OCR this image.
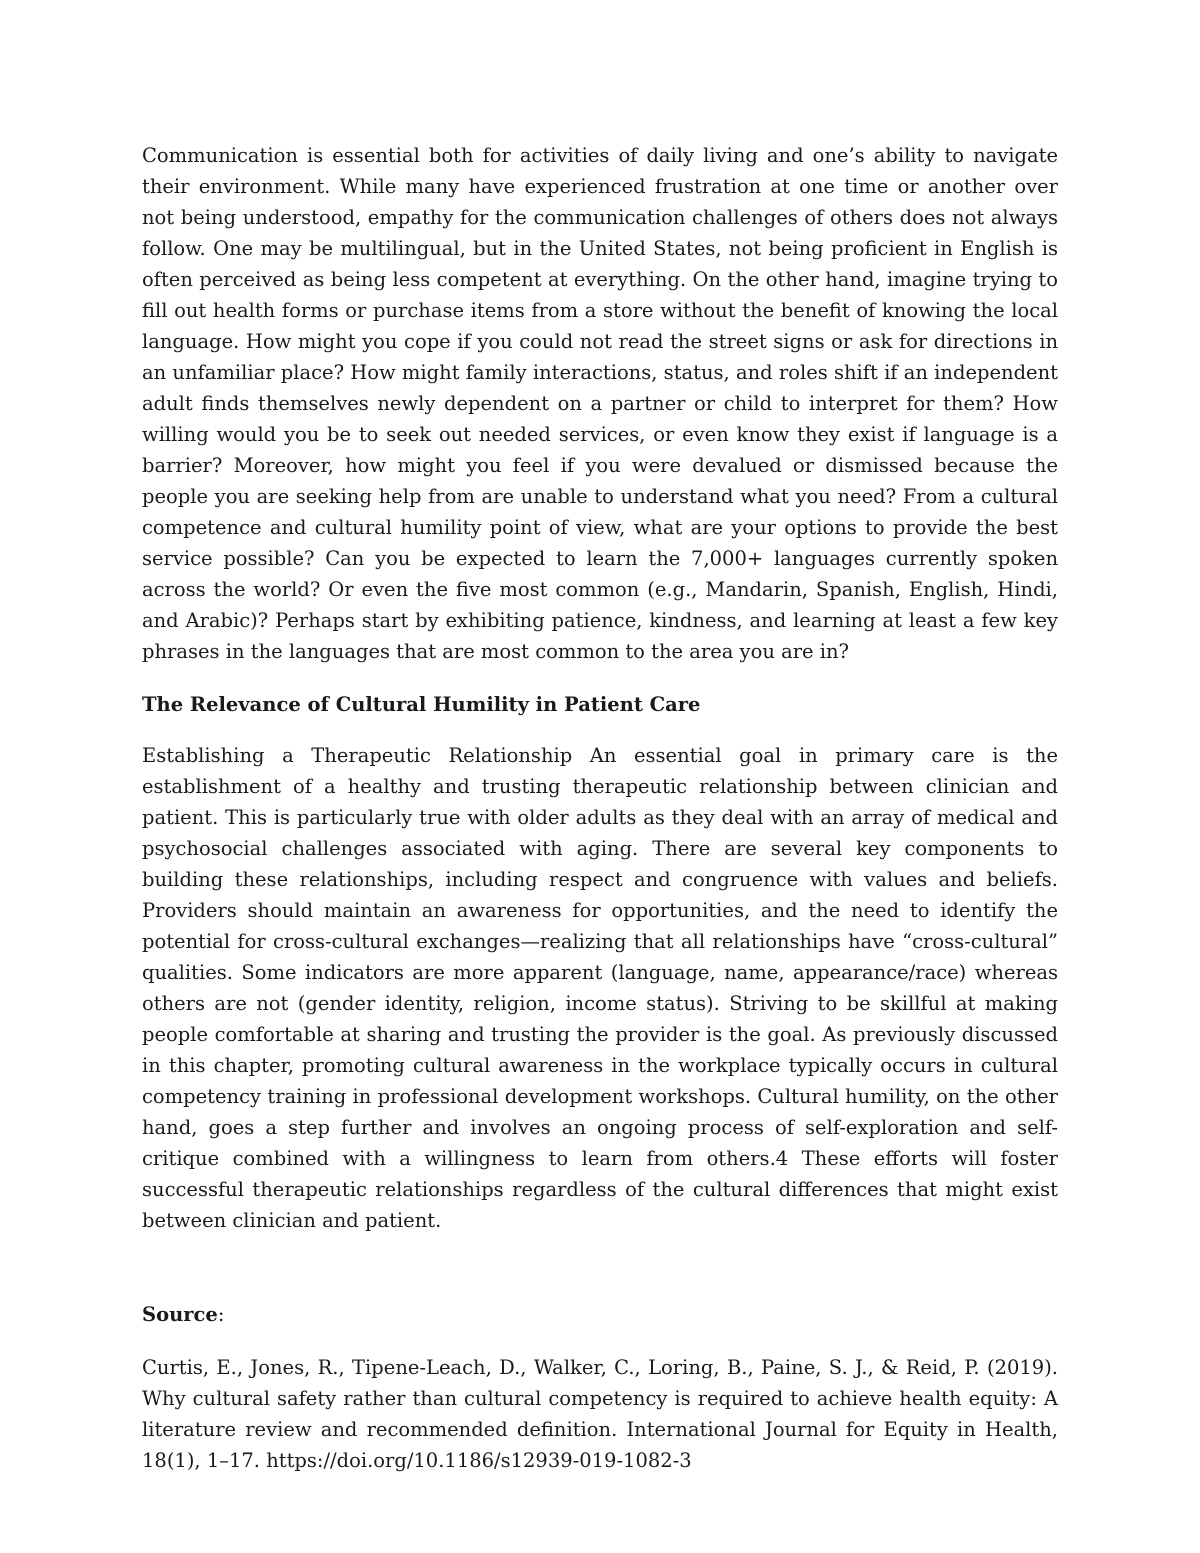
Communication is essential both for activities of daily living and one’s ability to navigate their environment. While many have experienced frustration at one time or another over not being understood, empathy for the communication challenges of others does not always follow. One may be multilingual, but in the United States, not being proficient in English is often perceived as being less competent at everything. On the other hand, imagine trying to fill out health forms or purchase items from a store without the benefit of knowing the local language. How might you cope if you could not read the street signs or ask for directions in an unfamiliar place? How might family interactions, status, and roles shift if an independent adult finds themselves newly dependent on a partner or child to interpret for them? How willing would you be to seek out needed services, or even know they exist if language is a barrier? Moreover, how might you feel if you were devalued or dismissed because the people you are seeking help from are unable to understand what you need? From a cultural competence and cultural humility point of view, what are your options to provide the best service possible? Can you be expected to learn the 7,000+ languages currently spoken across the world? Or even the five most common (e.g., Mandarin, Spanish, English, Hindi, and Arabic)? Perhaps start by exhibiting patience, kindness, and learning at least a few key phrases in the languages that are most common to the area you are in?

The Relevance of Cultural Humility in Patient Care

Establishing a Therapeutic Relationship An essential goal in primary care is the establishment of a healthy and trusting therapeutic relationship between clinician and patient. This is particularly true with older adults as they deal with an array of medical and psychosocial challenges associated with aging. There are several key components to building these relationships, including respect and congruence with values and beliefs. Providers should maintain an awareness for opportunities, and the need to identify the potential for cross-cultural exchanges—realizing that all relationships have “cross-cultural” qualities. Some indicators are more apparent (language, name, appearance/race) whereas others are not (gender identity, religion, income status). Striving to be skillful at making people comfortable at sharing and trusting the provider is the goal. As previously discussed in this chapter, promoting cultural awareness in the workplace typically occurs in cultural competency training in professional development workshops. Cultural humility, on the other hand, goes a step further and involves an ongoing process of self-exploration and self-critique combined with a willingness to learn from others.4 These efforts will foster successful therapeutic relationships regardless of the cultural differences that might exist between clinician and patient.

Source:

Curtis, E., Jones, R., Tipene-Leach, D., Walker, C., Loring, B., Paine, S. J., & Reid, P. (2019). Why cultural safety rather than cultural competency is required to achieve health equity: A literature review and recommended definition. International Journal for Equity in Health, 18(1), 1–17. https://doi.org/10.1186/s12939-019-1082-3
